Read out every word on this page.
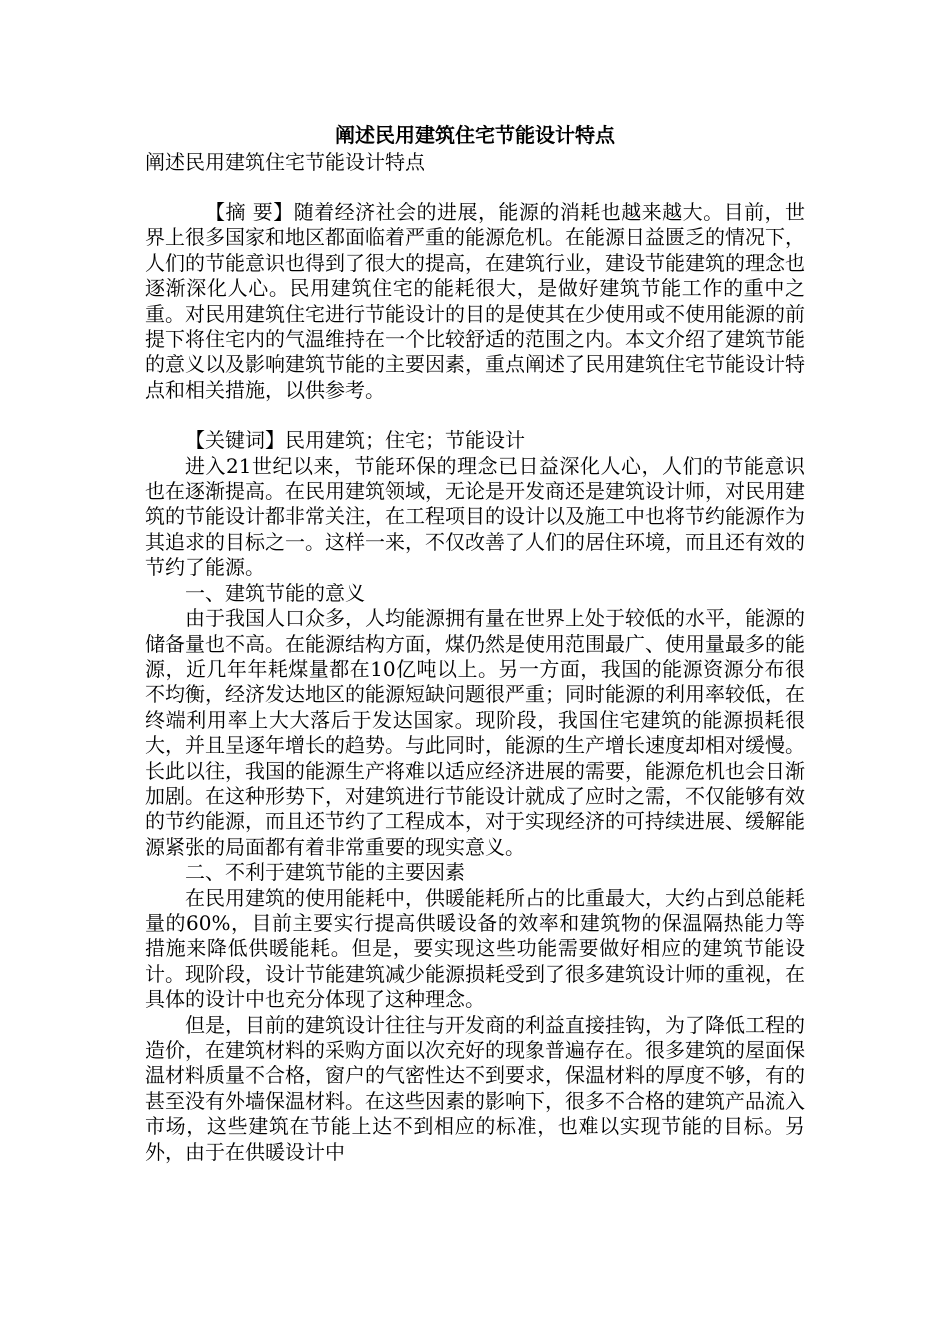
阐述民用建筑住宅节能设计特点

阐述民用建筑住宅节能设计特点

【摘 要】随着经济社会的进展，能源的消耗也越来越大。目前，世界上很多国家和地区都面临着严重的能源危机。在能源日益匮乏的情况下，人们的节能意识也得到了很大的提高，在建筑行业，建设节能建筑的理念也逐渐深化人心。民用建筑住宅的能耗很大，是做好建筑节能工作的重中之重。对民用建筑住宅进行节能设计的目的是使其在少使用或不使用能源的前提下将住宅内的气温维持在一个比较舒适的范围之内。本文介绍了建筑节能的意义以及影响建筑节能的主要因素，重点阐述了民用建筑住宅节能设计特点和相关措施，以供参考。

【关键词】民用建筑；住宅；节能设计

进入21世纪以来，节能环保的理念已日益深化人心，人们的节能意识也在逐渐提高。在民用建筑领域，无论是开发商还是建筑设计师，对民用建筑的节能设计都非常关注，在工程项目的设计以及施工中也将节约能源作为其追求的目标之一。这样一来，不仅改善了人们的居住环境，而且还有效的节约了能源。

一、建筑节能的意义

由于我国人口众多，人均能源拥有量在世界上处于较低的水平，能源的储备量也不高。在能源结构方面，煤仍然是使用范围最广、使用量最多的能源，近几年年耗煤量都在10亿吨以上。另一方面，我国的能源资源分布很不均衡，经济发达地区的能源短缺问题很严重；同时能源的利用率较低，在终端利用率上大大落后于发达国家。现阶段，我国住宅建筑的能源损耗很大，并且呈逐年增长的趋势。与此同时，能源的生产增长速度却相对缓慢。长此以往，我国的能源生产将难以适应经济进展的需要，能源危机也会日渐加剧。在这种形势下，对建筑进行节能设计就成了应时之需，不仅能够有效的节约能源，而且还节约了工程成本，对于实现经济的可持续进展、缓解能源紧张的局面都有着非常重要的现实意义。

二、不利于建筑节能的主要因素

在民用建筑的使用能耗中，供暖能耗所占的比重最大，大约占到总能耗量的60%，目前主要实行提高供暖设备的效率和建筑物的保温隔热能力等措施来降低供暖能耗。但是，要实现这些功能需要做好相应的建筑节能设计。现阶段，设计节能建筑减少能源损耗受到了很多建筑设计师的重视，在具体的设计中也充分体现了这种理念。

但是，目前的建筑设计往往与开发商的利益直接挂钩，为了降低工程的造价，在建筑材料的采购方面以次充好的现象普遍存在。很多建筑的屋面保温材料质量不合格，窗户的气密性达不到要求，保温材料的厚度不够，有的甚至没有外墙保温材料。在这些因素的影响下，很多不合格的建筑产品流入市场，这些建筑在节能上达不到相应的标准，也难以实现节能的目标。另外，由于在供暖设计中
